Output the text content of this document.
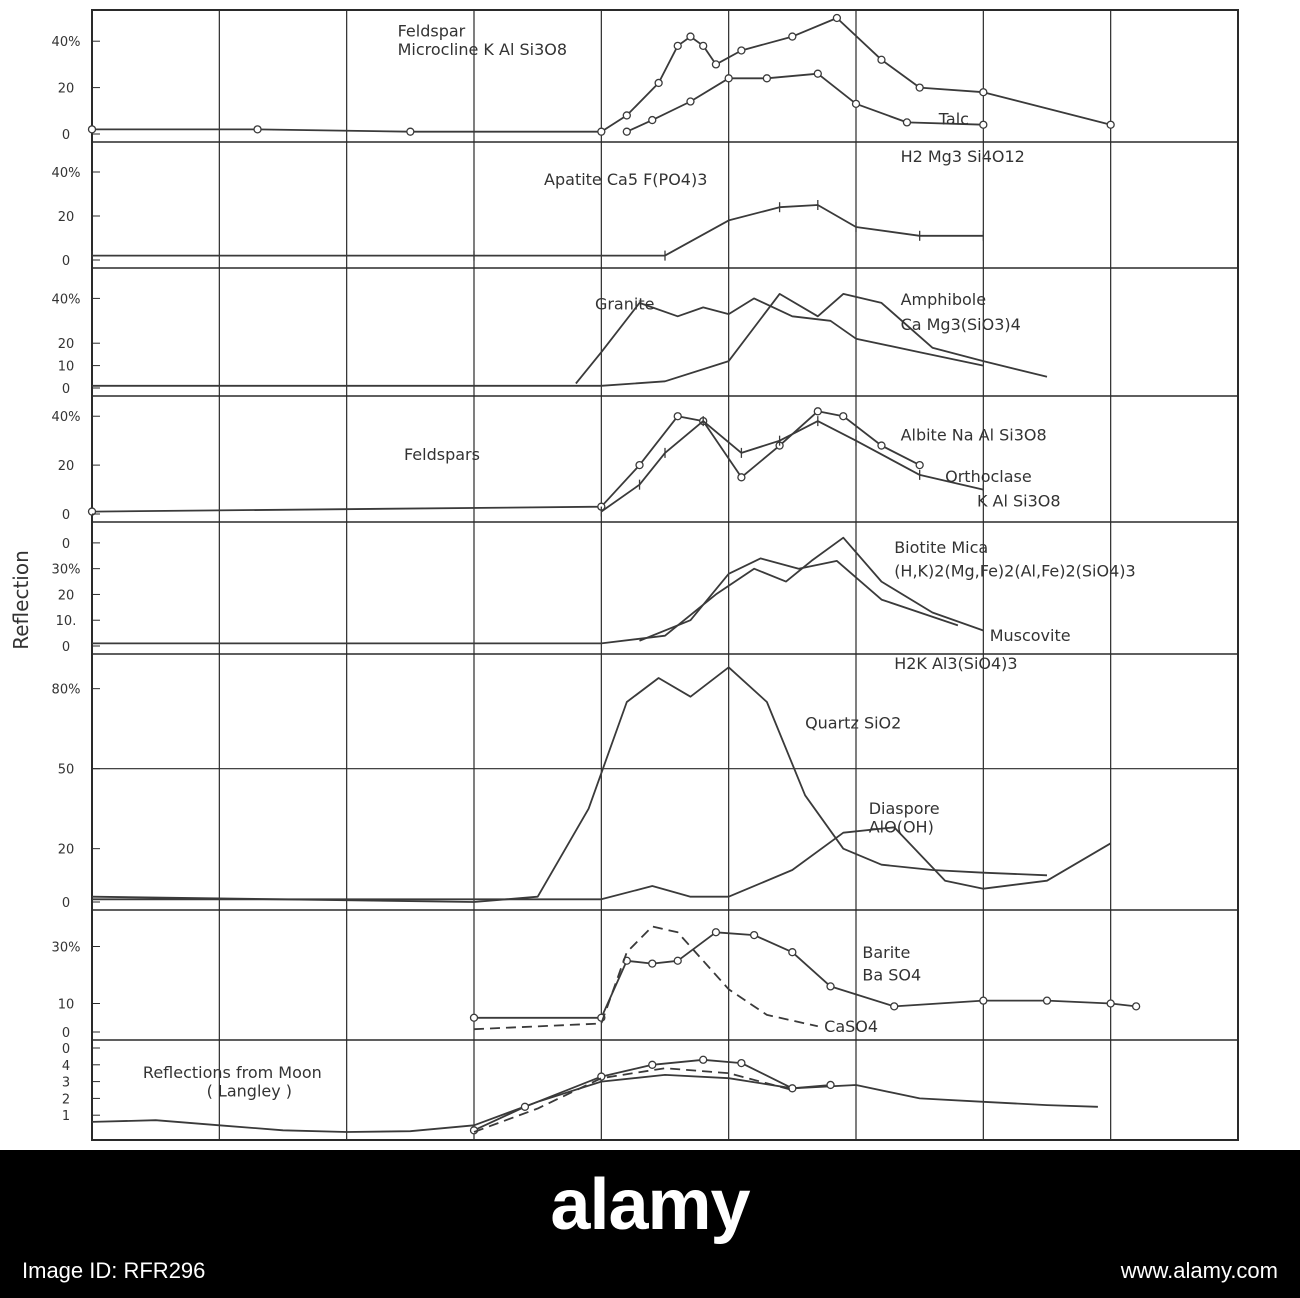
Feldspar
Microcline K Al Si3O8
Talc
H2 Mg3 Si4O12
Apatite Ca5 F(PO4)3
Granite	Amphibole
Ca Mg3(SiO3)4
Feldspars
Albite Na Al Si3O8
Orthoclase
K Al Si3O8
Biotite Mica
(H,K)2(Mg,Fe)2(Al,Fe)2(SiO4)3
Muscovite
H2K Al3(SiO4)3
Quartz SiO2
Diaspore
AlO(OH)
Barite
Ba SO4
CaSO4
Reflections from Moon
( Langley )
Reflection
40%
20
0
40%
20
0
40%
20
10
0
40%
20
0
0
30%
20
10.
0
80%
50
20
0
30%
10
0
0
4
3
2
1
alamy
Image ID: RFR296	www.alamy.com
